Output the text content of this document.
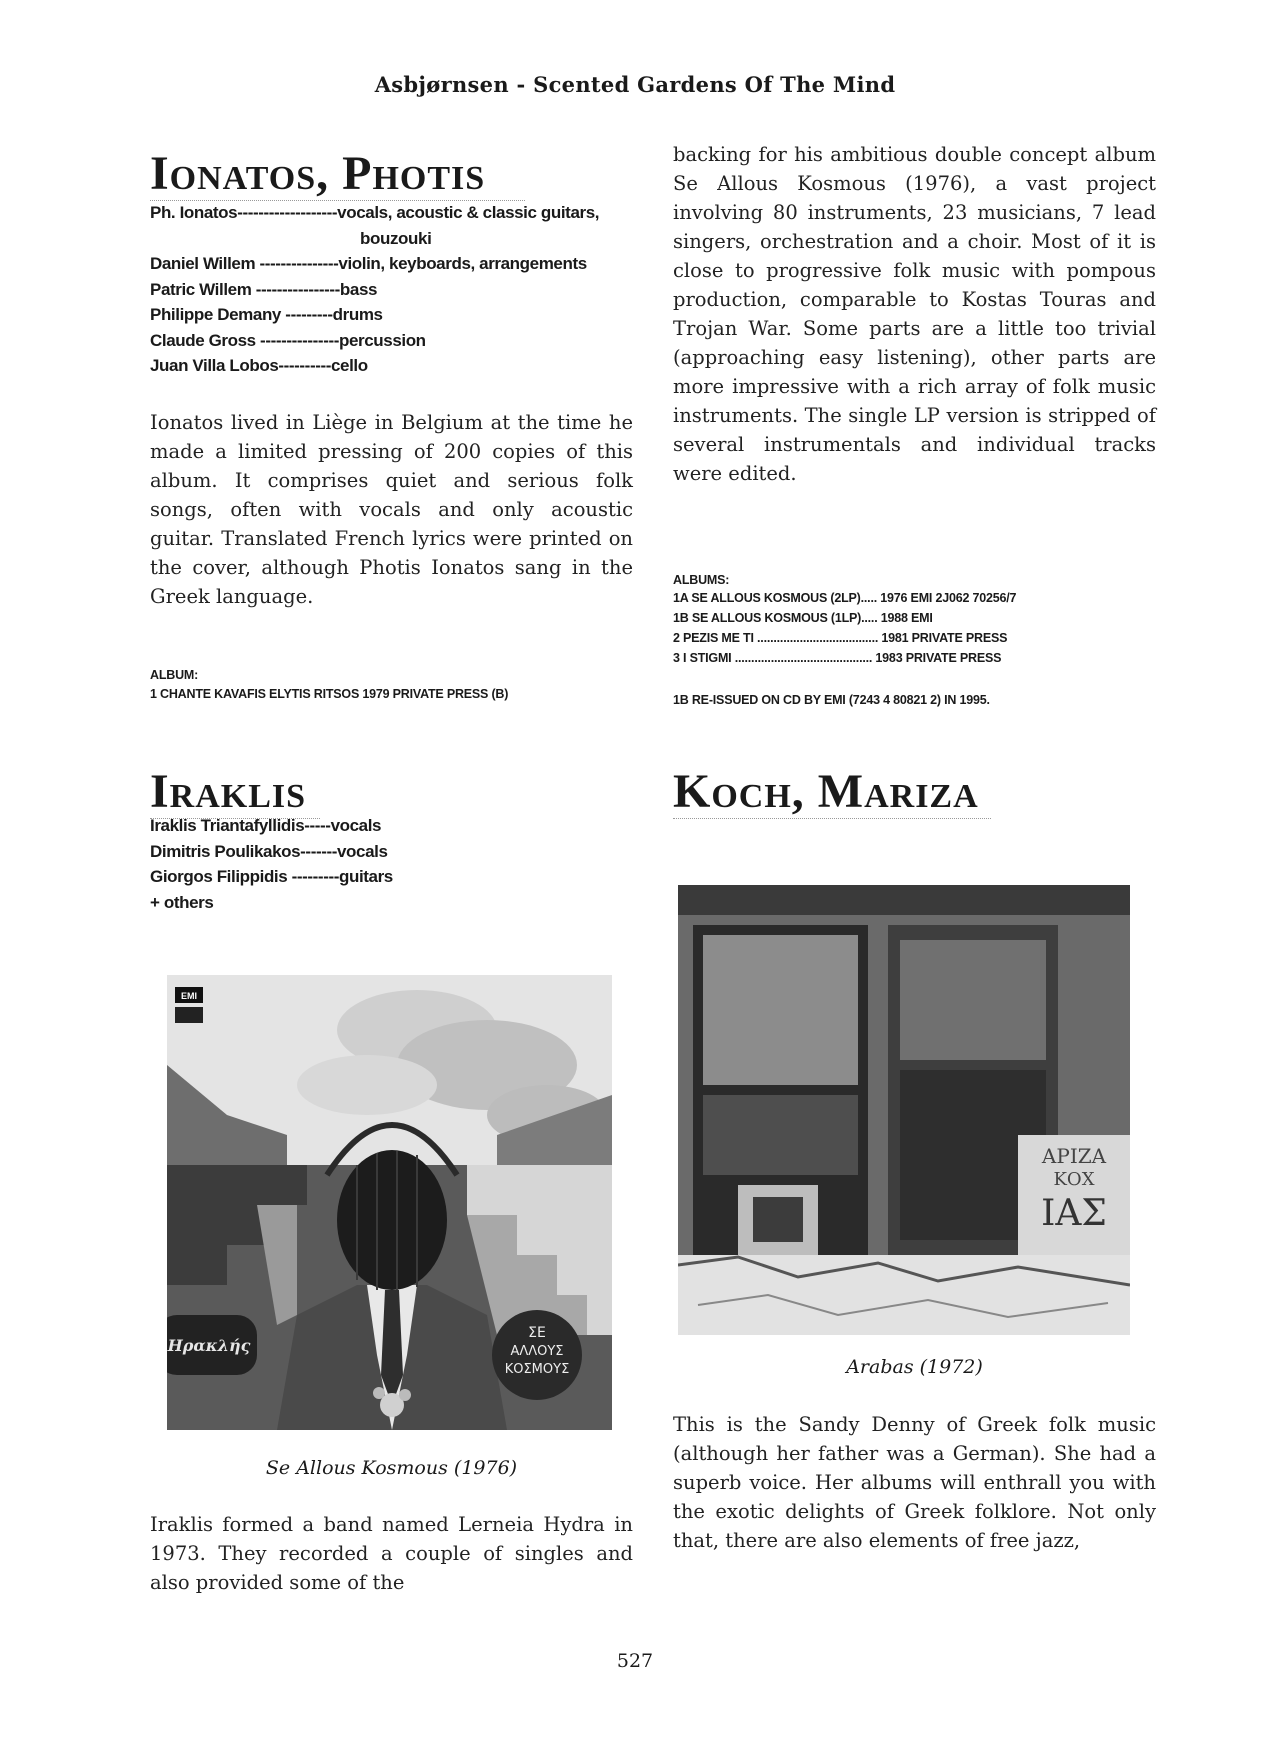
Asbjørnsen - Scented Gardens Of The Mind
Ionatos, Photis
Ph. Ionatos-------------------vocals, acoustic & classic guitars,
bouzouki
Daniel Willem ---------------violin, keyboards, arrangements
Patric Willem ----------------bass
Philippe Demany ---------drums
Claude Gross ---------------percussion
Juan Villa Lobos----------cello
Ionatos lived in Liège in Belgium at the time he made a limited pressing of 200 copies of this album. It comprises quiet and serious folk songs, often with vocals and only acoustic guitar. Translated French lyrics were printed on the cover, although Photis Ionatos sang in the Greek language.
ALBUM:
1 CHANTE KAVAFIS ELYTIS RITSOS 1979 PRIVATE PRESS (B)
backing for his ambitious double concept album Se Allous Kosmous (1976), a vast project involving 80 instruments, 23 musicians, 7 lead singers, orchestration and a choir. Most of it is close to progressive folk music with pompous production, comparable to Kostas Touras and Trojan War. Some parts are a little too trivial (approaching easy listening), other parts are more impressive with a rich array of folk music instruments. The single LP version is stripped of several instrumentals and individual tracks were edited.
ALBUMS:
1A SE ALLOUS KOSMOUS (2LP)..... 1976 EMI 2J062 70256/7
1B SE ALLOUS KOSMOUS (1LP)..... 1988 EMI
2 PEZIS ME TI ..................................... 1981 PRIVATE PRESS
3 I STIGMI .......................................... 1983 PRIVATE PRESS
1B RE-ISSUED ON CD BY EMI (7243 4 80821 2) IN 1995.
Iraklis
Iraklis Triantafyllidis-----vocals
Dimitris Poulikakos-------vocals
Giorgos Filippidis ---------guitars
+ others
EMI
Ηρακλής
ΣΕ
ΑΛΛΟΥΣ
ΚΟΣΜΟΥΣ
Se Allous Kosmous (1976)
Iraklis formed a band named Lerneia Hydra in 1973. They recorded a couple of singles and also provided some of the
Koch, Mariza
ΑΡΙΖΑ
ΚΟΧ
ΙΑΣ
Arabas (1972)
This is the Sandy Denny of Greek folk music (although her father was a German). She had a superb voice. Her albums will enthrall you with the exotic delights of Greek folklore. Not only that, there are also elements of free jazz,
527
